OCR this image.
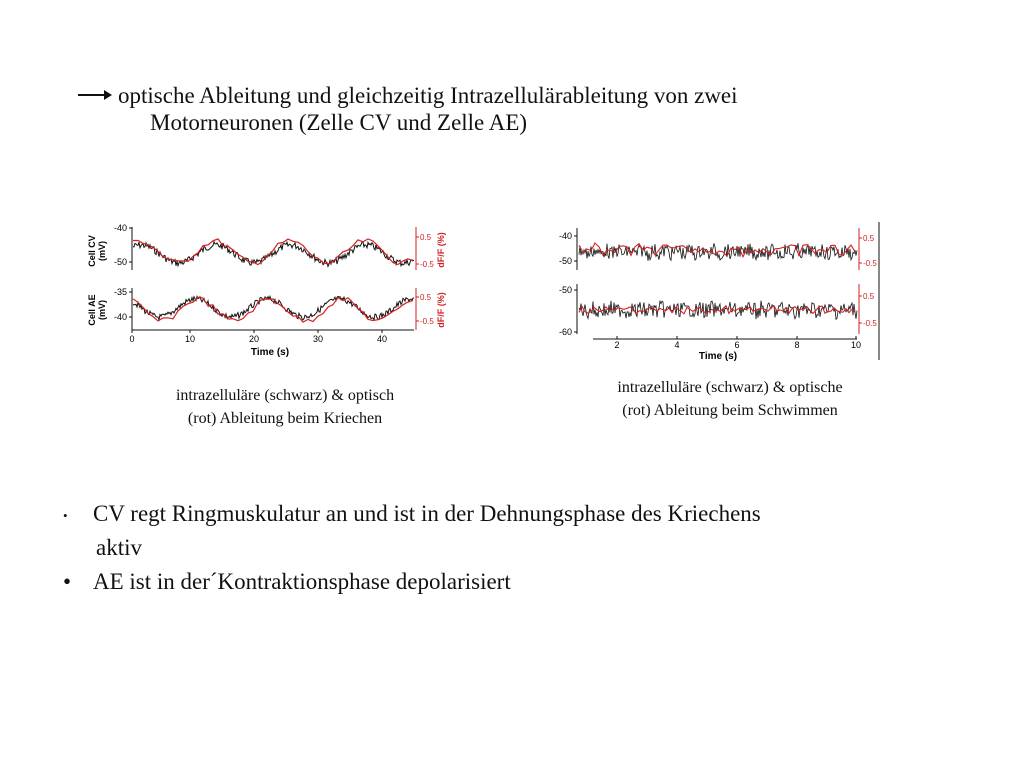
optische Ableitung und gleichzeitig Intrazellulärableitung von zwei
Motorneuronen (Zelle CV und Zelle AE)
-40
-50
Cell CV (mV)
0.5
-0.5 dF/F (%)
-35
-40
Cell AE (mV)
0.5
-0.5 dF/F (%)
0	10	20	30	40
Time (s)
-40
-50
0.5
-0.5
-50
-60
0.5
-0.5
2	4	6	8	10
Time (s)
intrazelluläre (schwarz) & optisch
(rot) Ableitung beim Kriechen
intrazelluläre (schwarz) & optische
(rot) Ableitung beim Schwimmen
• CV regt Ringmuskulatur an und ist in der Dehnungsphase des Kriechens
aktiv
• AE ist in der´Kontraktionsphase depolarisiert
